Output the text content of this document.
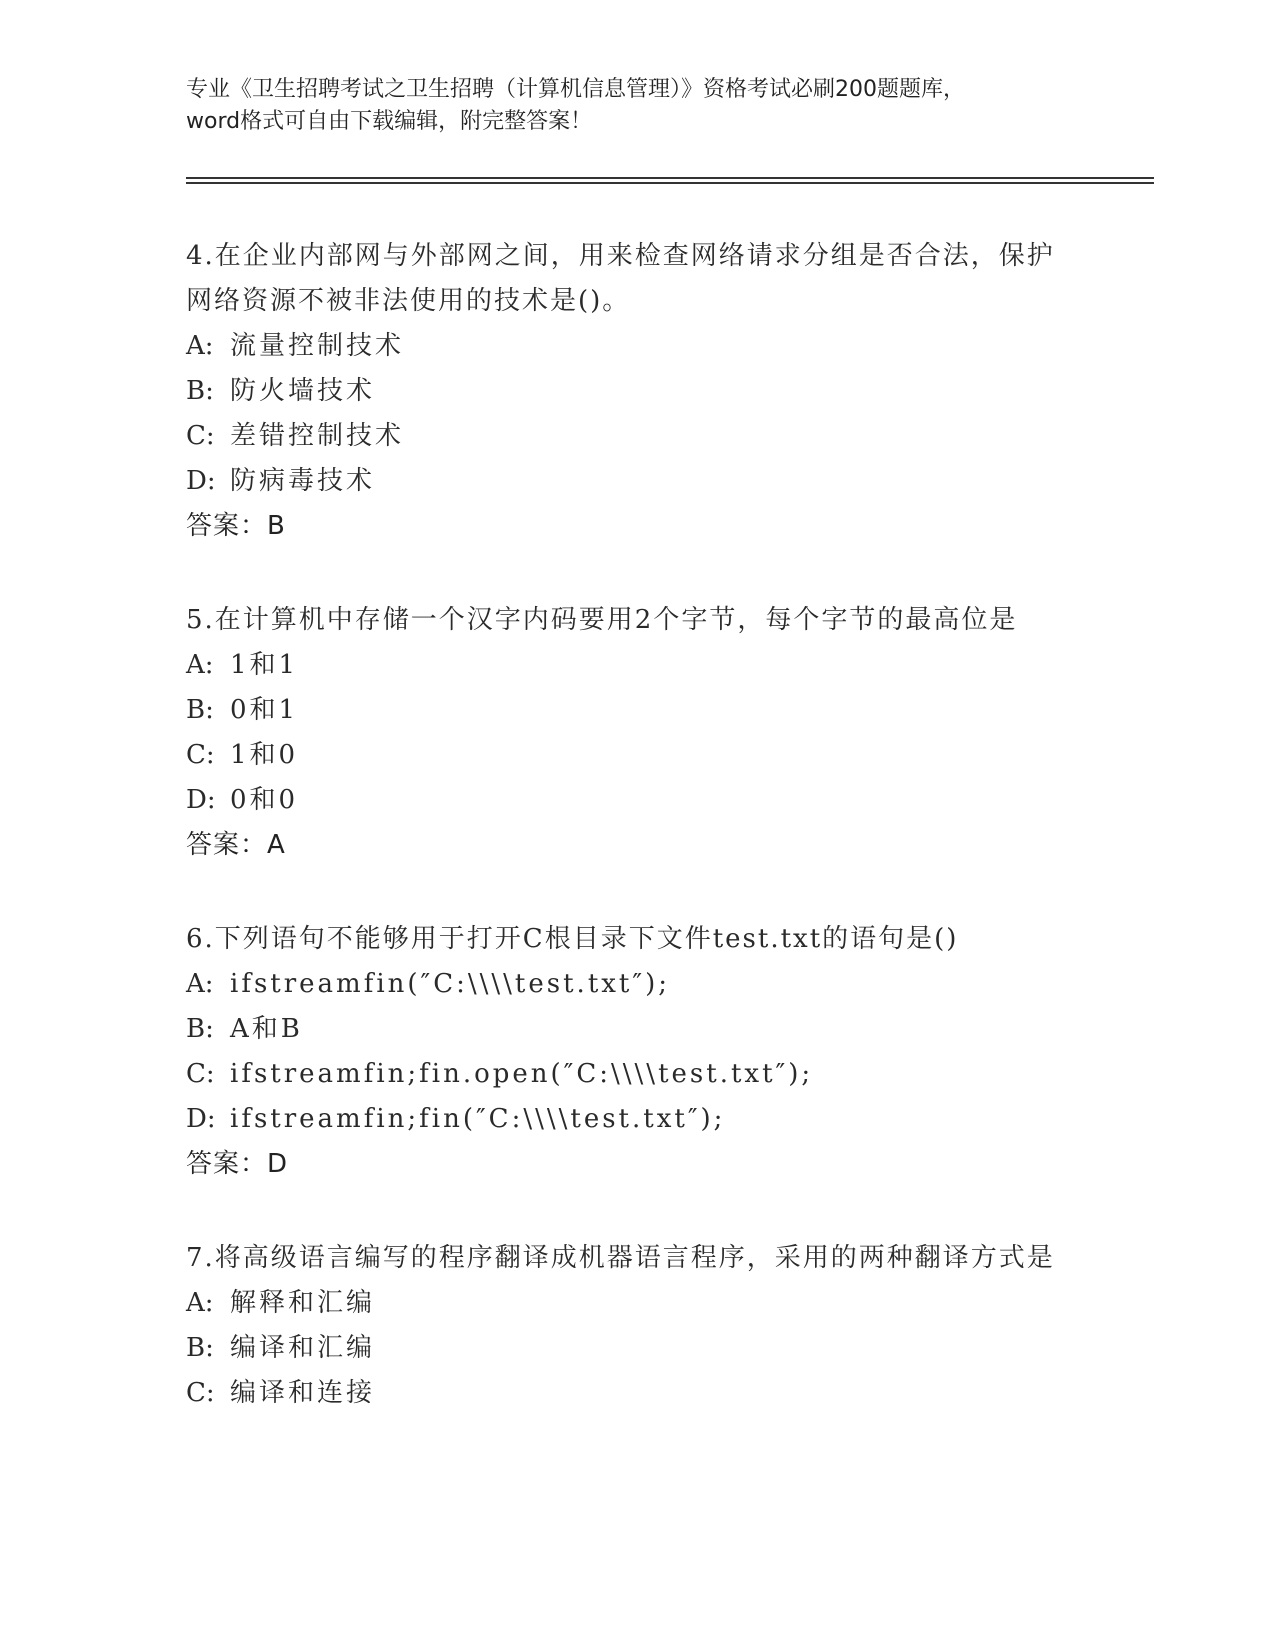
专业《卫生招聘考试之卫生招聘（计算机信息管理）》资格考试必刷200题题库，
word格式可自由下载编辑，附完整答案！
4.在企业内部网与外部网之间，用来检查网络请求分组是否合法，保护网络资源不被非法使用的技术是()。
A: 流量控制技术
B: 防火墙技术
C: 差错控制技术
D: 防病毒技术
答案：B
5.在计算机中存储一个汉字内码要用2个字节，每个字节的最高位是
A: 1和1
B: 0和1
C: 1和0
D: 0和0
答案：A
6.下列语句不能够用于打开C根目录下文件test.txt的语句是()
A: ifstreamfin(″C:\\\\test.txt″);
B: A和B
C: ifstreamfin;fin.open(″C:\\\\test.txt″);
D: ifstreamfin;fin(″C:\\\\test.txt″);
答案：D
7.将高级语言编写的程序翻译成机器语言程序，采用的两种翻译方式是
A: 解释和汇编
B: 编译和汇编
C: 编译和连接
